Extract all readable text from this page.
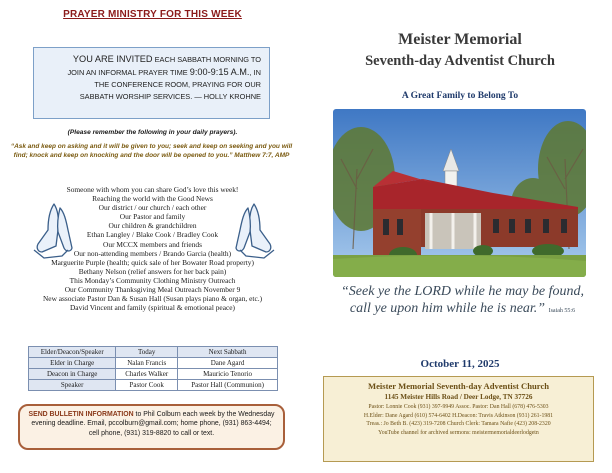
PRAYER MINISTRY FOR THIS WEEK
YOU ARE INVITED EACH SABBATH MORNING TO
JOIN AN INFORMAL PRAYER TIME 9:00-9:15 A.M., IN
THE CONFERENCE ROOM, PRAYING FOR OUR
SABBATH WORSHIP SERVICES. — HOLLY KROHNE
(Please remember the following in your daily prayers).
“Ask and keep on asking and it will be given to you; seek and keep on seeking and you will find; knock and keep on knocking and the door will be opened to you.” Matthew 7:7, AMP
Someone with whom you can share God’s love this week!
Reaching the world with the Good News
Our district / our church / each other
Our Pastor and family
Our children & grandchildren
Ethan Langley / Blake Cook / Bradley Cook
Our MCCX members and friends
Our non-attending members / Brando Garcia (health)
Marguerite Purple (health; quick sale of her Bowater Road property)
Bethany Nelson (relief answers for her back pain)
This Monday’s Community Clothing Ministry Outreach
Our Community Thanksgiving Meal Outreach November 9
New associate Pastor Dan & Susan Hall (Susan plays piano & organ, etc.)
David Vincent and family (spiritual & emotional peace)
Elder/Deacon/Speaker	Today	Next Sabbath
Elder in Charge	Nalan Francis	Dane Agard
Deacon in Charge	Charles Walker	Mauricio Tenorio
Speaker	Pastor Cook	Pastor Hall (Communion)
SEND BULLETIN INFORMATION to Phil Colburn each week by the Wednesday evening deadline. Email, pccolburn@gmail.com; home phone, (931) 863-4494; cell phone, (931) 319-8820 to call or text.
Meister Memorial
Seventh-day Adventist Church
A Great Family to Belong To
“Seek ye the LORD while he may be found, call ye upon him while he is near.” Isaiah 55:6
October 11, 2025
Meister Memorial Seventh-day Adventist Church
1145 Meister Hills Road / Deer Lodge, TN 37726
Pastor: Lonnie Cook (931) 397-9949 Assoc. Pastor: Dan Hall (678) 476-5303
H.Elder: Dane Agard (610) 574-6402 H.Deacon: Travis Atkinson (931) 261-1981
Treas.: Jo Beth B. (423) 319-7208 Church Clerk: Tamara Nafie (423) 208-2320
YouTube channel for archived sermons: meistermemorialdeerlodgetn
